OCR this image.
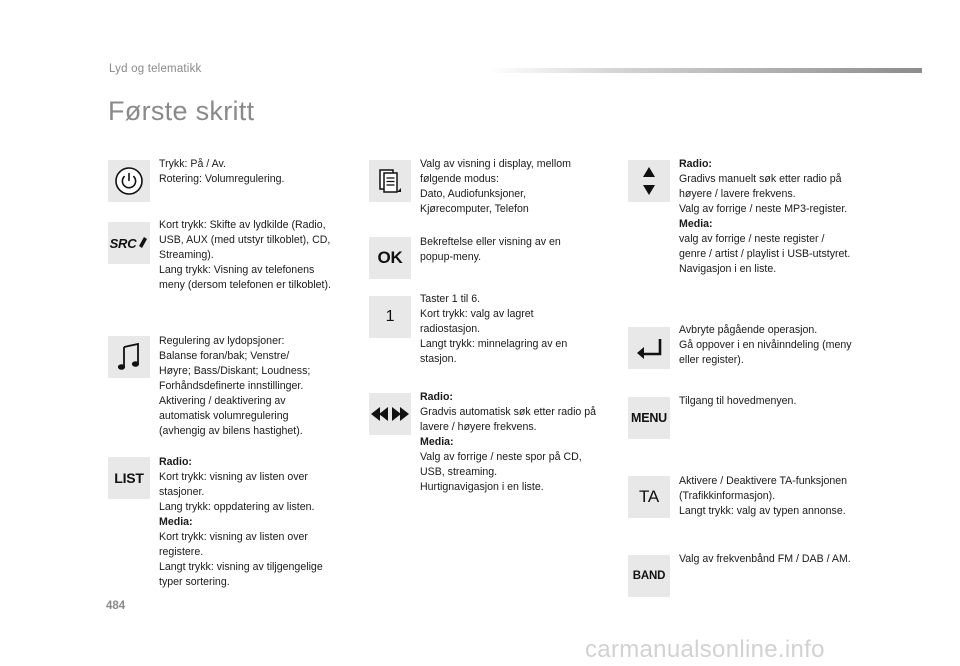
Lyd og telematikk
Første skritt
Trykk: På / Av.
Rotering: Volumregulering.
SRC
Kort trykk: Skifte av lydkilde (Radio,
USB, AUX (med utstyr tilkoblet), CD,
Streaming).
Lang trykk: Visning av telefonens
meny (dersom telefonen er tilkoblet).
Regulering av lydopsjoner:
Balanse foran/bak; Venstre/
Høyre; Bass/Diskant; Loudness;
Forhåndsdefinerte innstillinger.
Aktivering / deaktivering av
automatisk volumregulering
(avhengig av bilens hastighet).
LIST
Radio:
Kort trykk: visning av listen over
stasjoner.
Lang trykk: oppdatering av listen.
Media:
Kort trykk: visning av listen over
registere.
Langt trykk: visning av tiljgengelige
typer sortering.
Valg av visning i display, mellom
følgende modus:
Dato, Audiofunksjoner,
Kjørecomputer, Telefon
OK
Bekreftelse eller visning av en
popup-meny.
1
Taster 1 til 6.
Kort trykk: valg av lagret
radiostasjon.
Langt trykk: minnelagring av en
stasjon.
Radio:
Gradvis automatisk søk etter radio på
lavere / høyere frekvens.
Media:
Valg av forrige / neste spor på CD,
USB, streaming.
Hurtignavigasjon i en liste.
Radio:
Gradivs manuelt søk etter radio på
høyere / lavere frekvens.
Valg av forrige / neste MP3-register.
Media:
valg av forrige / neste register /
genre / artist / playlist i USB-utstyret.
Navigasjon i en liste.
Avbryte pågående operasjon.
Gå oppover i en nivåinndeling (meny
eller register).
MENU
Tilgang til hovedmenyen.
TA
Aktivere / Deaktivere TA-funksjonen
(Trafikkinformasjon).
Langt trykk: valg av typen annonse.
BAND
Valg av frekvenbånd FM / DAB / AM.
484
carmanualsonline.info
